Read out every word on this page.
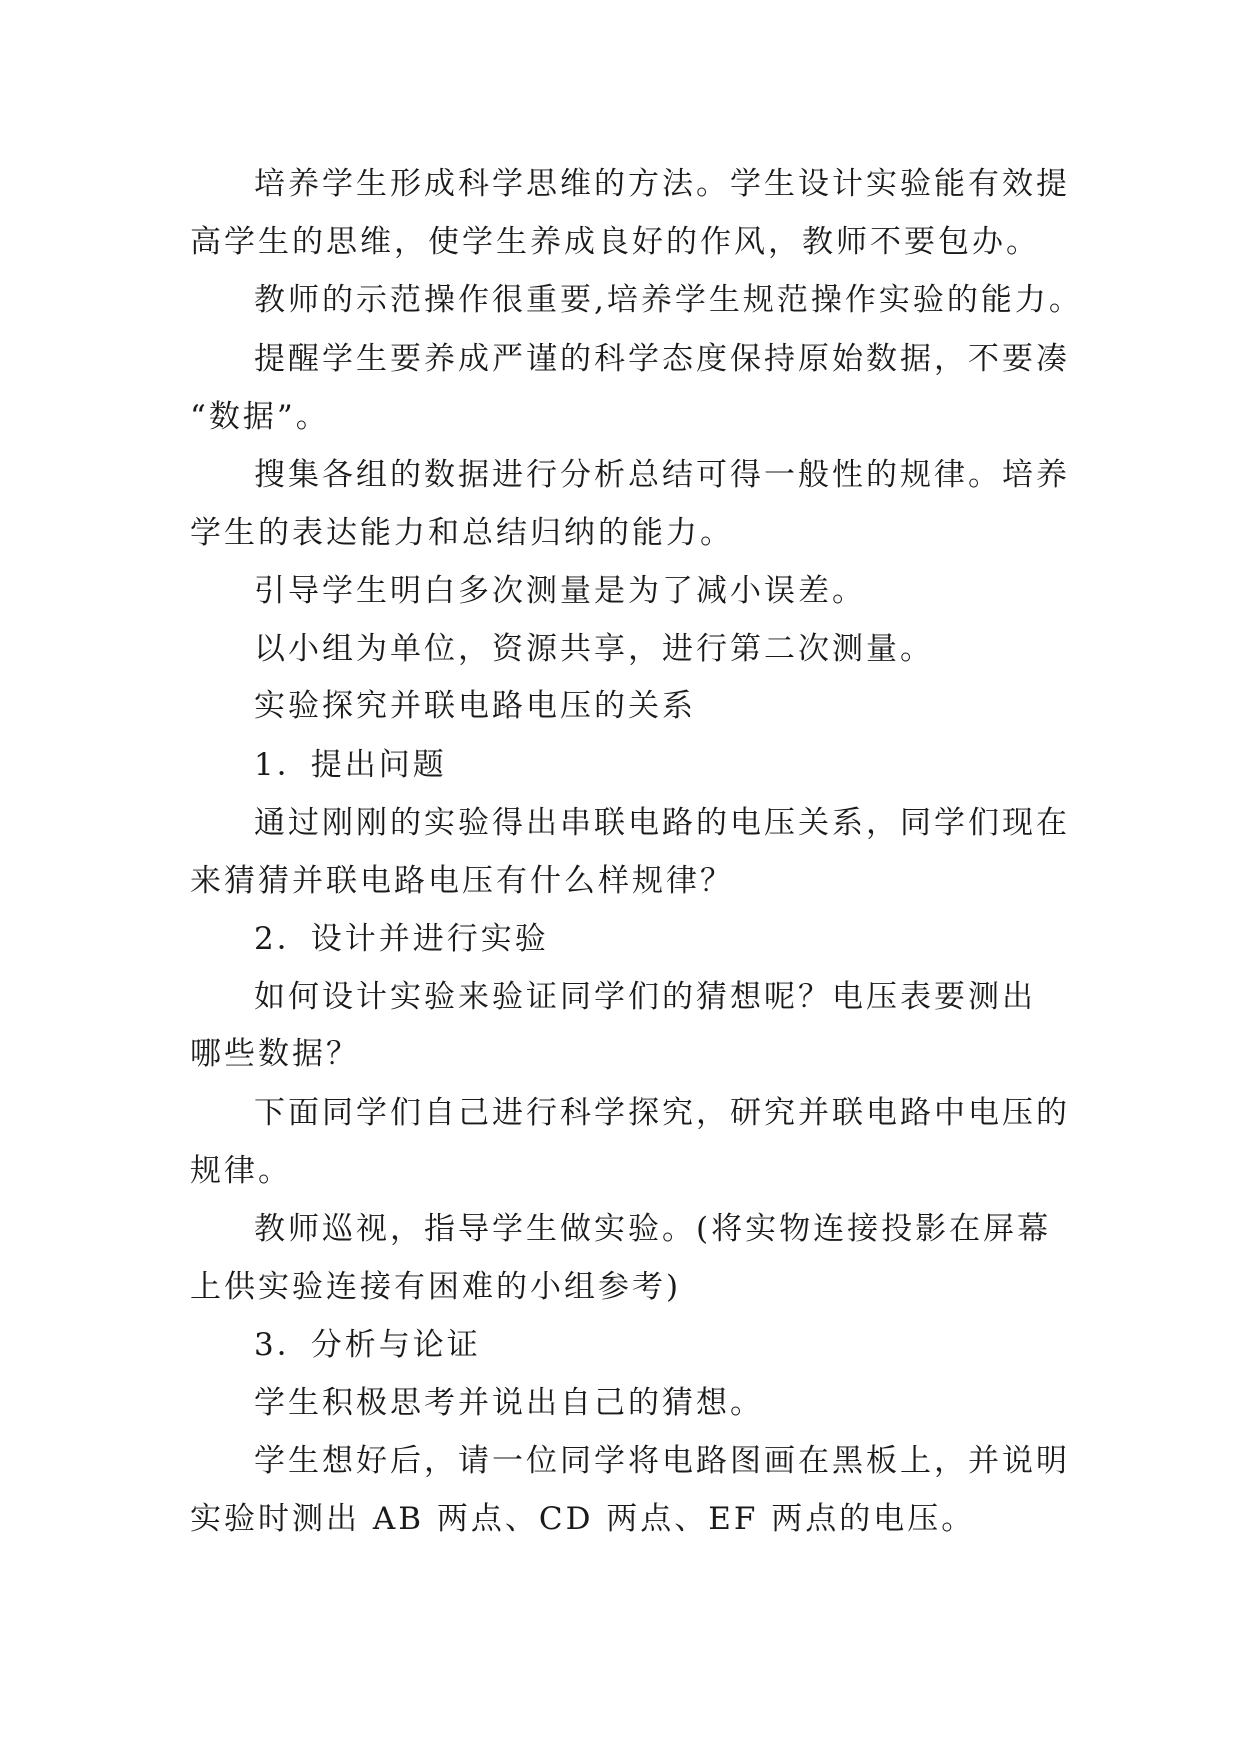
培养学生形成科学思维的方法。学生设计实验能有效提
高学生的思维，使学生养成良好的作风，教师不要包办。
教师的示范操作很重要,培养学生规范操作实验的能力。
提醒学生要养成严谨的科学态度保持原始数据，不要凑
“数据”。
搜集各组的数据进行分析总结可得一般性的规律。培养
学生的表达能力和总结归纳的能力。
引导学生明白多次测量是为了减小误差。
以小组为单位，资源共享，进行第二次测量。
实验探究并联电路电压的关系
1．提出问题
通过刚刚的实验得出串联电路的电压关系，同学们现在
来猜猜并联电路电压有什么样规律？
2．设计并进行实验
如何设计实验来验证同学们的猜想呢？电压表要测出
哪些数据？
下面同学们自己进行科学探究，研究并联电路中电压的
规律。
教师巡视，指导学生做实验。(将实物连接投影在屏幕
上供实验连接有困难的小组参考)
3．分析与论证
学生积极思考并说出自己的猜想。
学生想好后，请一位同学将电路图画在黑板上，并说明
实验时测出 AB 两点、CD 两点、EF 两点的电压。
